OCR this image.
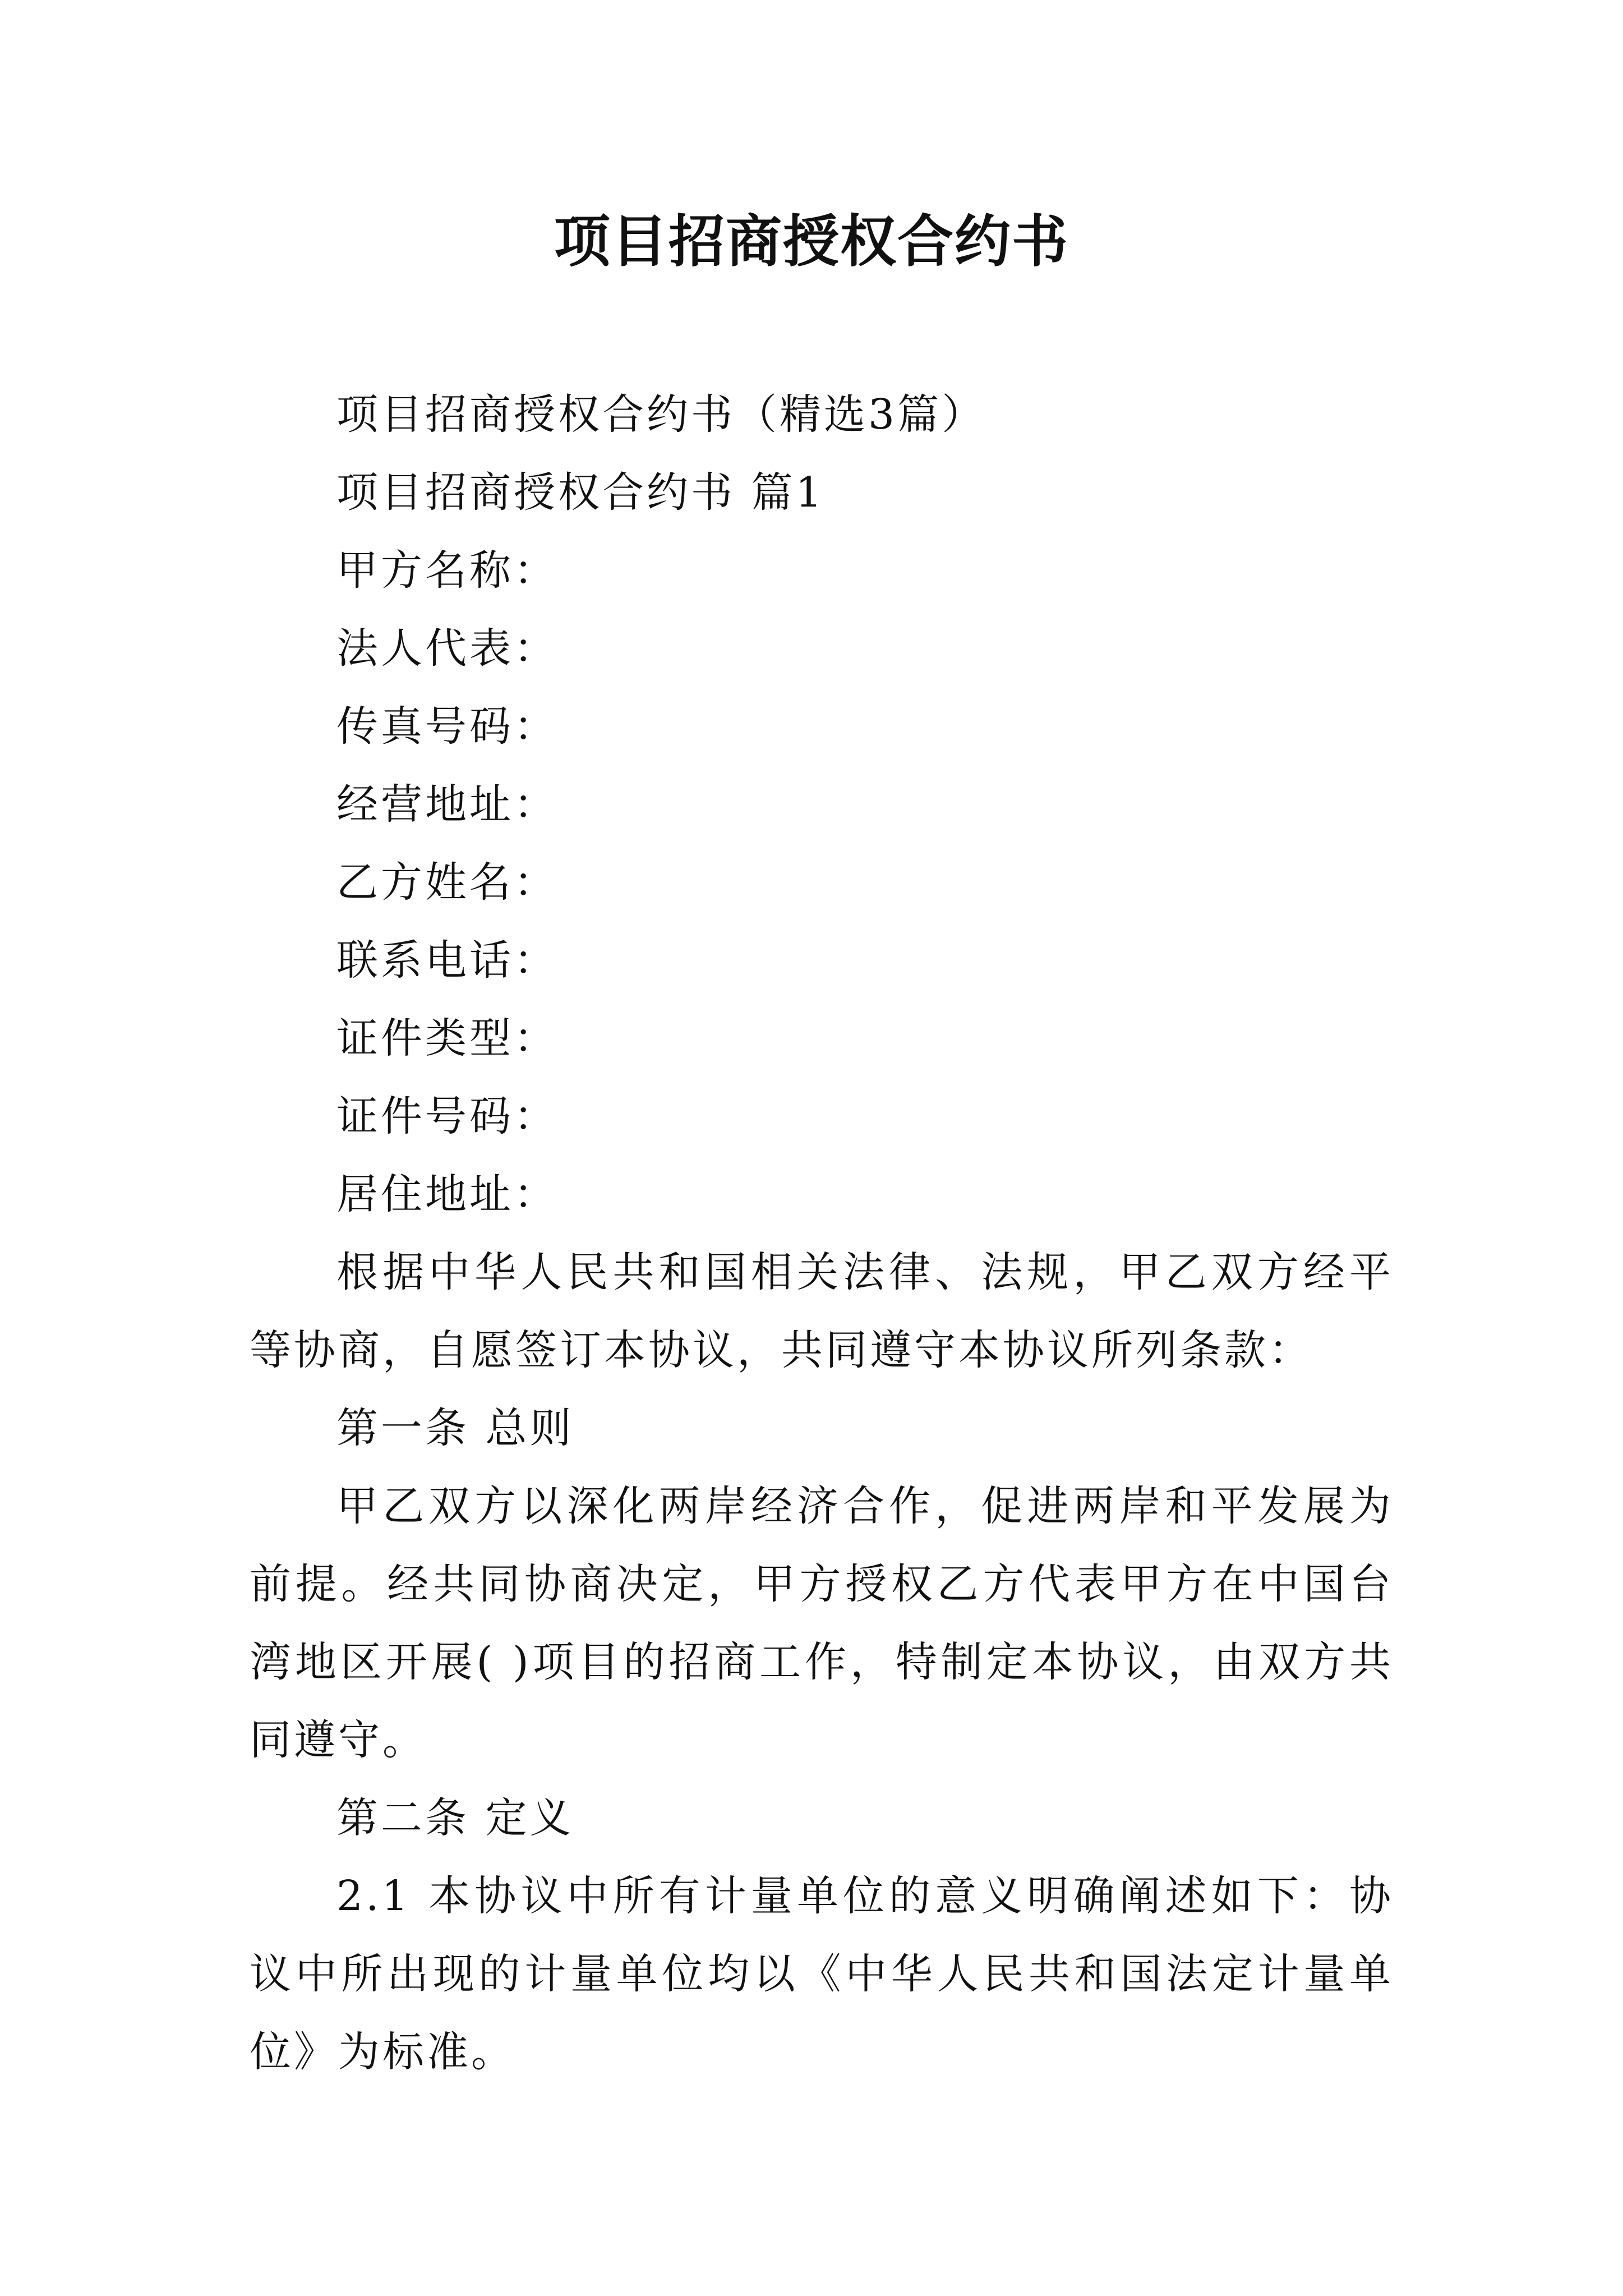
项目招商授权合约书

项目招商授权合约书（精选3篇）

项目招商授权合约书 篇1

甲方名称：

法人代表：

传真号码：

经营地址：

乙方姓名：

联系电话：

证件类型：

证件号码：

居住地址：

根据中华人民共和国相关法律、法规，甲乙双方经平等协商，自愿签订本协议，共同遵守本协议所列条款：

第一条 总则

甲乙双方以深化两岸经济合作，促进两岸和平发展为前提。经共同协商决定，甲方授权乙方代表甲方在中国台湾地区开展( )项目的招商工作，特制定本协议，由双方共同遵守。

第二条 定义

2.1 本协议中所有计量单位的意义明确阐述如下：协议中所出现的计量单位均以《中华人民共和国法定计量单位》为标准。
